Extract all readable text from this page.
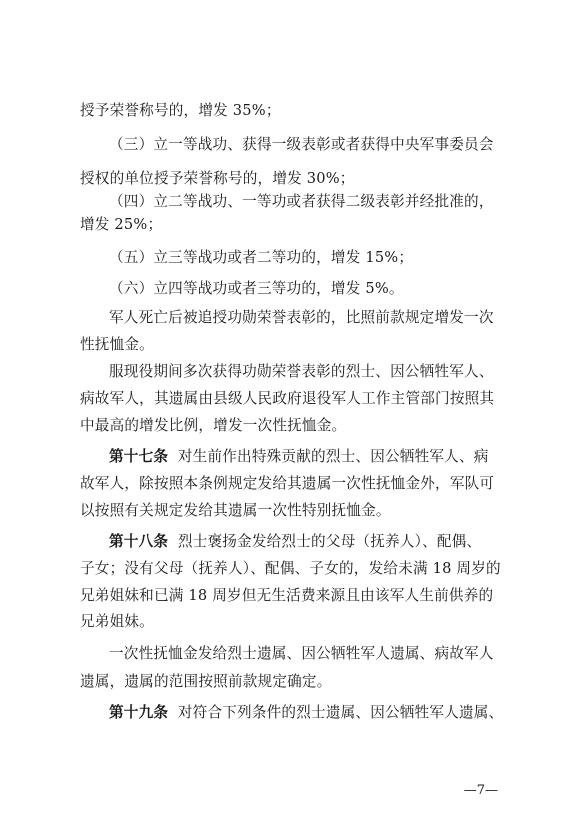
授予荣誉称号的，增发 35%；
（三）立一等战功、获得一级表彰或者获得中央军事委员会
授权的单位授予荣誉称号的，增发 30%；
（四）立二等战功、一等功或者获得二级表彰并经批准的，
增发 25%；
（五）立三等战功或者二等功的，增发 15%；
（六）立四等战功或者三等功的，增发 5%。
军人死亡后被追授功勋荣誉表彰的，比照前款规定增发一次
性抚恤金。
服现役期间多次获得功勋荣誉表彰的烈士、因公牺牲军人、
病故军人，其遗属由县级人民政府退役军人工作主管部门按照其
中最高的增发比例，增发一次性抚恤金。
第十七条 对生前作出特殊贡献的烈士、因公牺牲军人、病
故军人，除按照本条例规定发给其遗属一次性抚恤金外，军队可
以按照有关规定发给其遗属一次性特别抚恤金。
第十八条 烈士褒扬金发给烈士的父母（抚养人）、配偶、
子女；没有父母（抚养人）、配偶、子女的，发给未满 18 周岁的
兄弟姐妹和已满 18 周岁但无生活费来源且由该军人生前供养的
兄弟姐妹。
一次性抚恤金发给烈士遗属、因公牺牲军人遗属、病故军人
遗属，遗属的范围按照前款规定确定。
第十九条 对符合下列条件的烈士遗属、因公牺牲军人遗属、
—7—
